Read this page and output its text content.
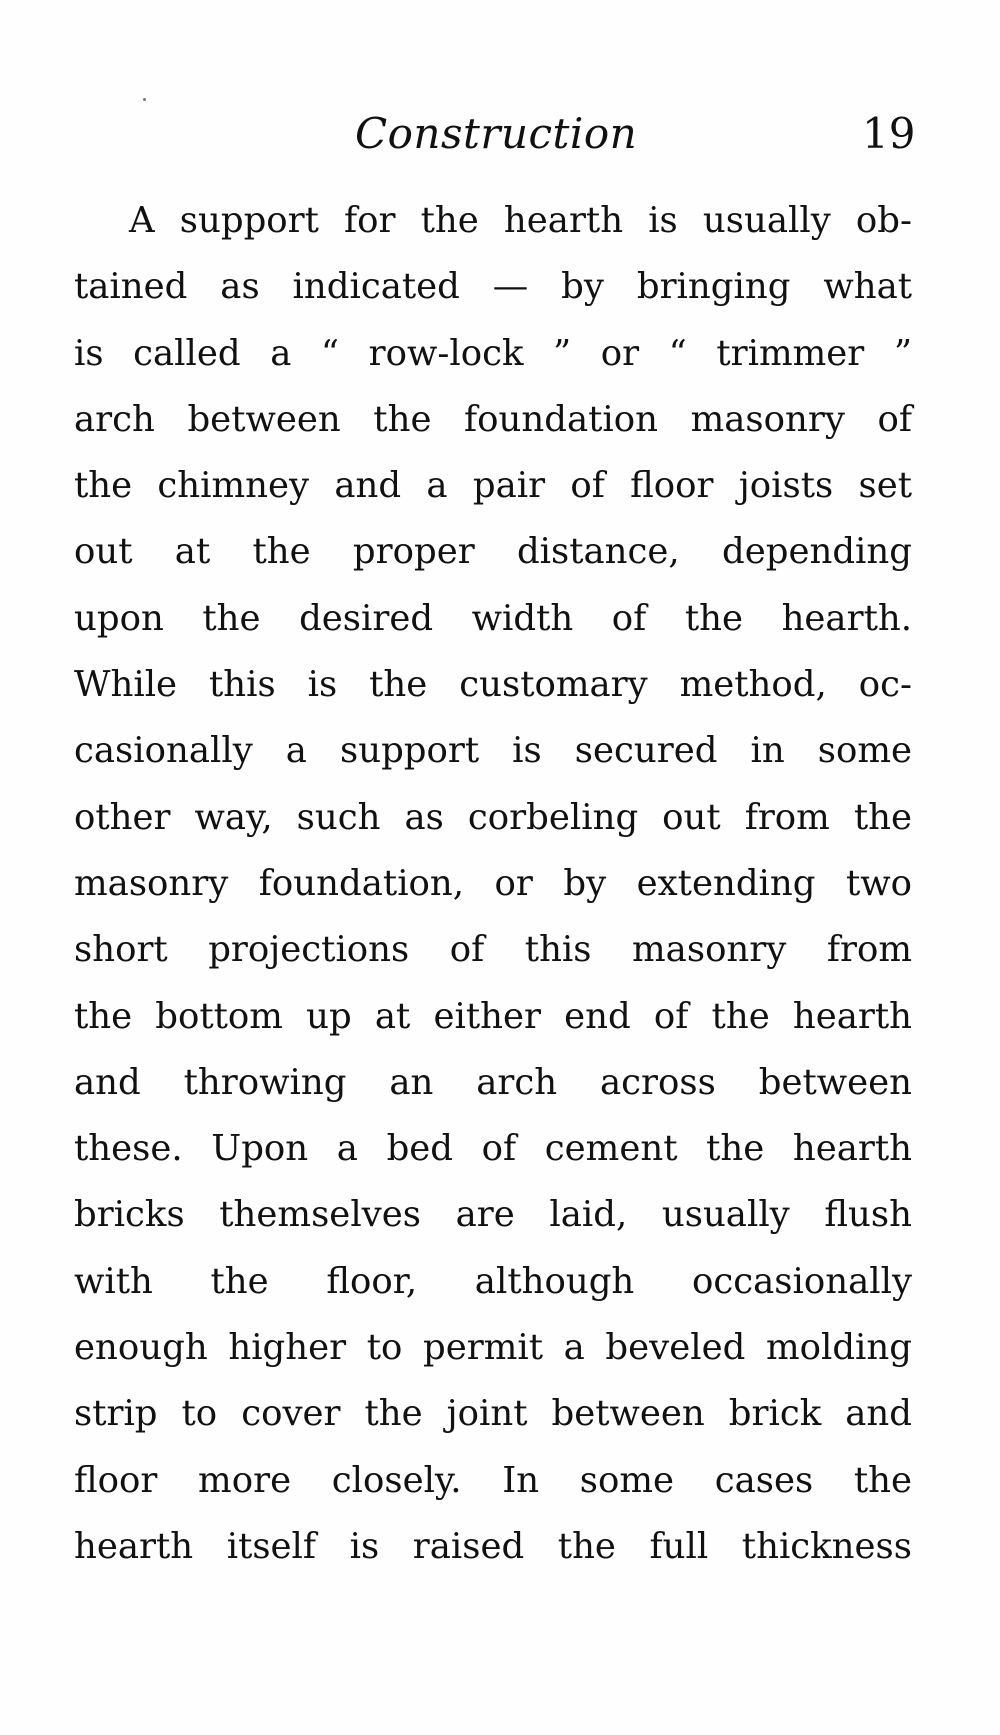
Construction	19
A support for the hearth is usually ob-
tained as indicated — by bringing what
is called a “ row-lock ” or “ trimmer ”
arch between the foundation masonry of
the chimney and a pair of floor joists set
out at the proper distance, depending
upon the desired width of the hearth.
While this is the customary method, oc-
casionally a support is secured in some
other way, such as corbeling out from the
masonry foundation, or by extending two
short projections of this masonry from
the bottom up at either end of the hearth
and throwing an arch across between
these. Upon a bed of cement the hearth
bricks themselves are laid, usually flush
with the floor, although occasionally
enough higher to permit a beveled molding
strip to cover the joint between brick and
floor more closely. In some cases the
hearth itself is raised the full thickness
